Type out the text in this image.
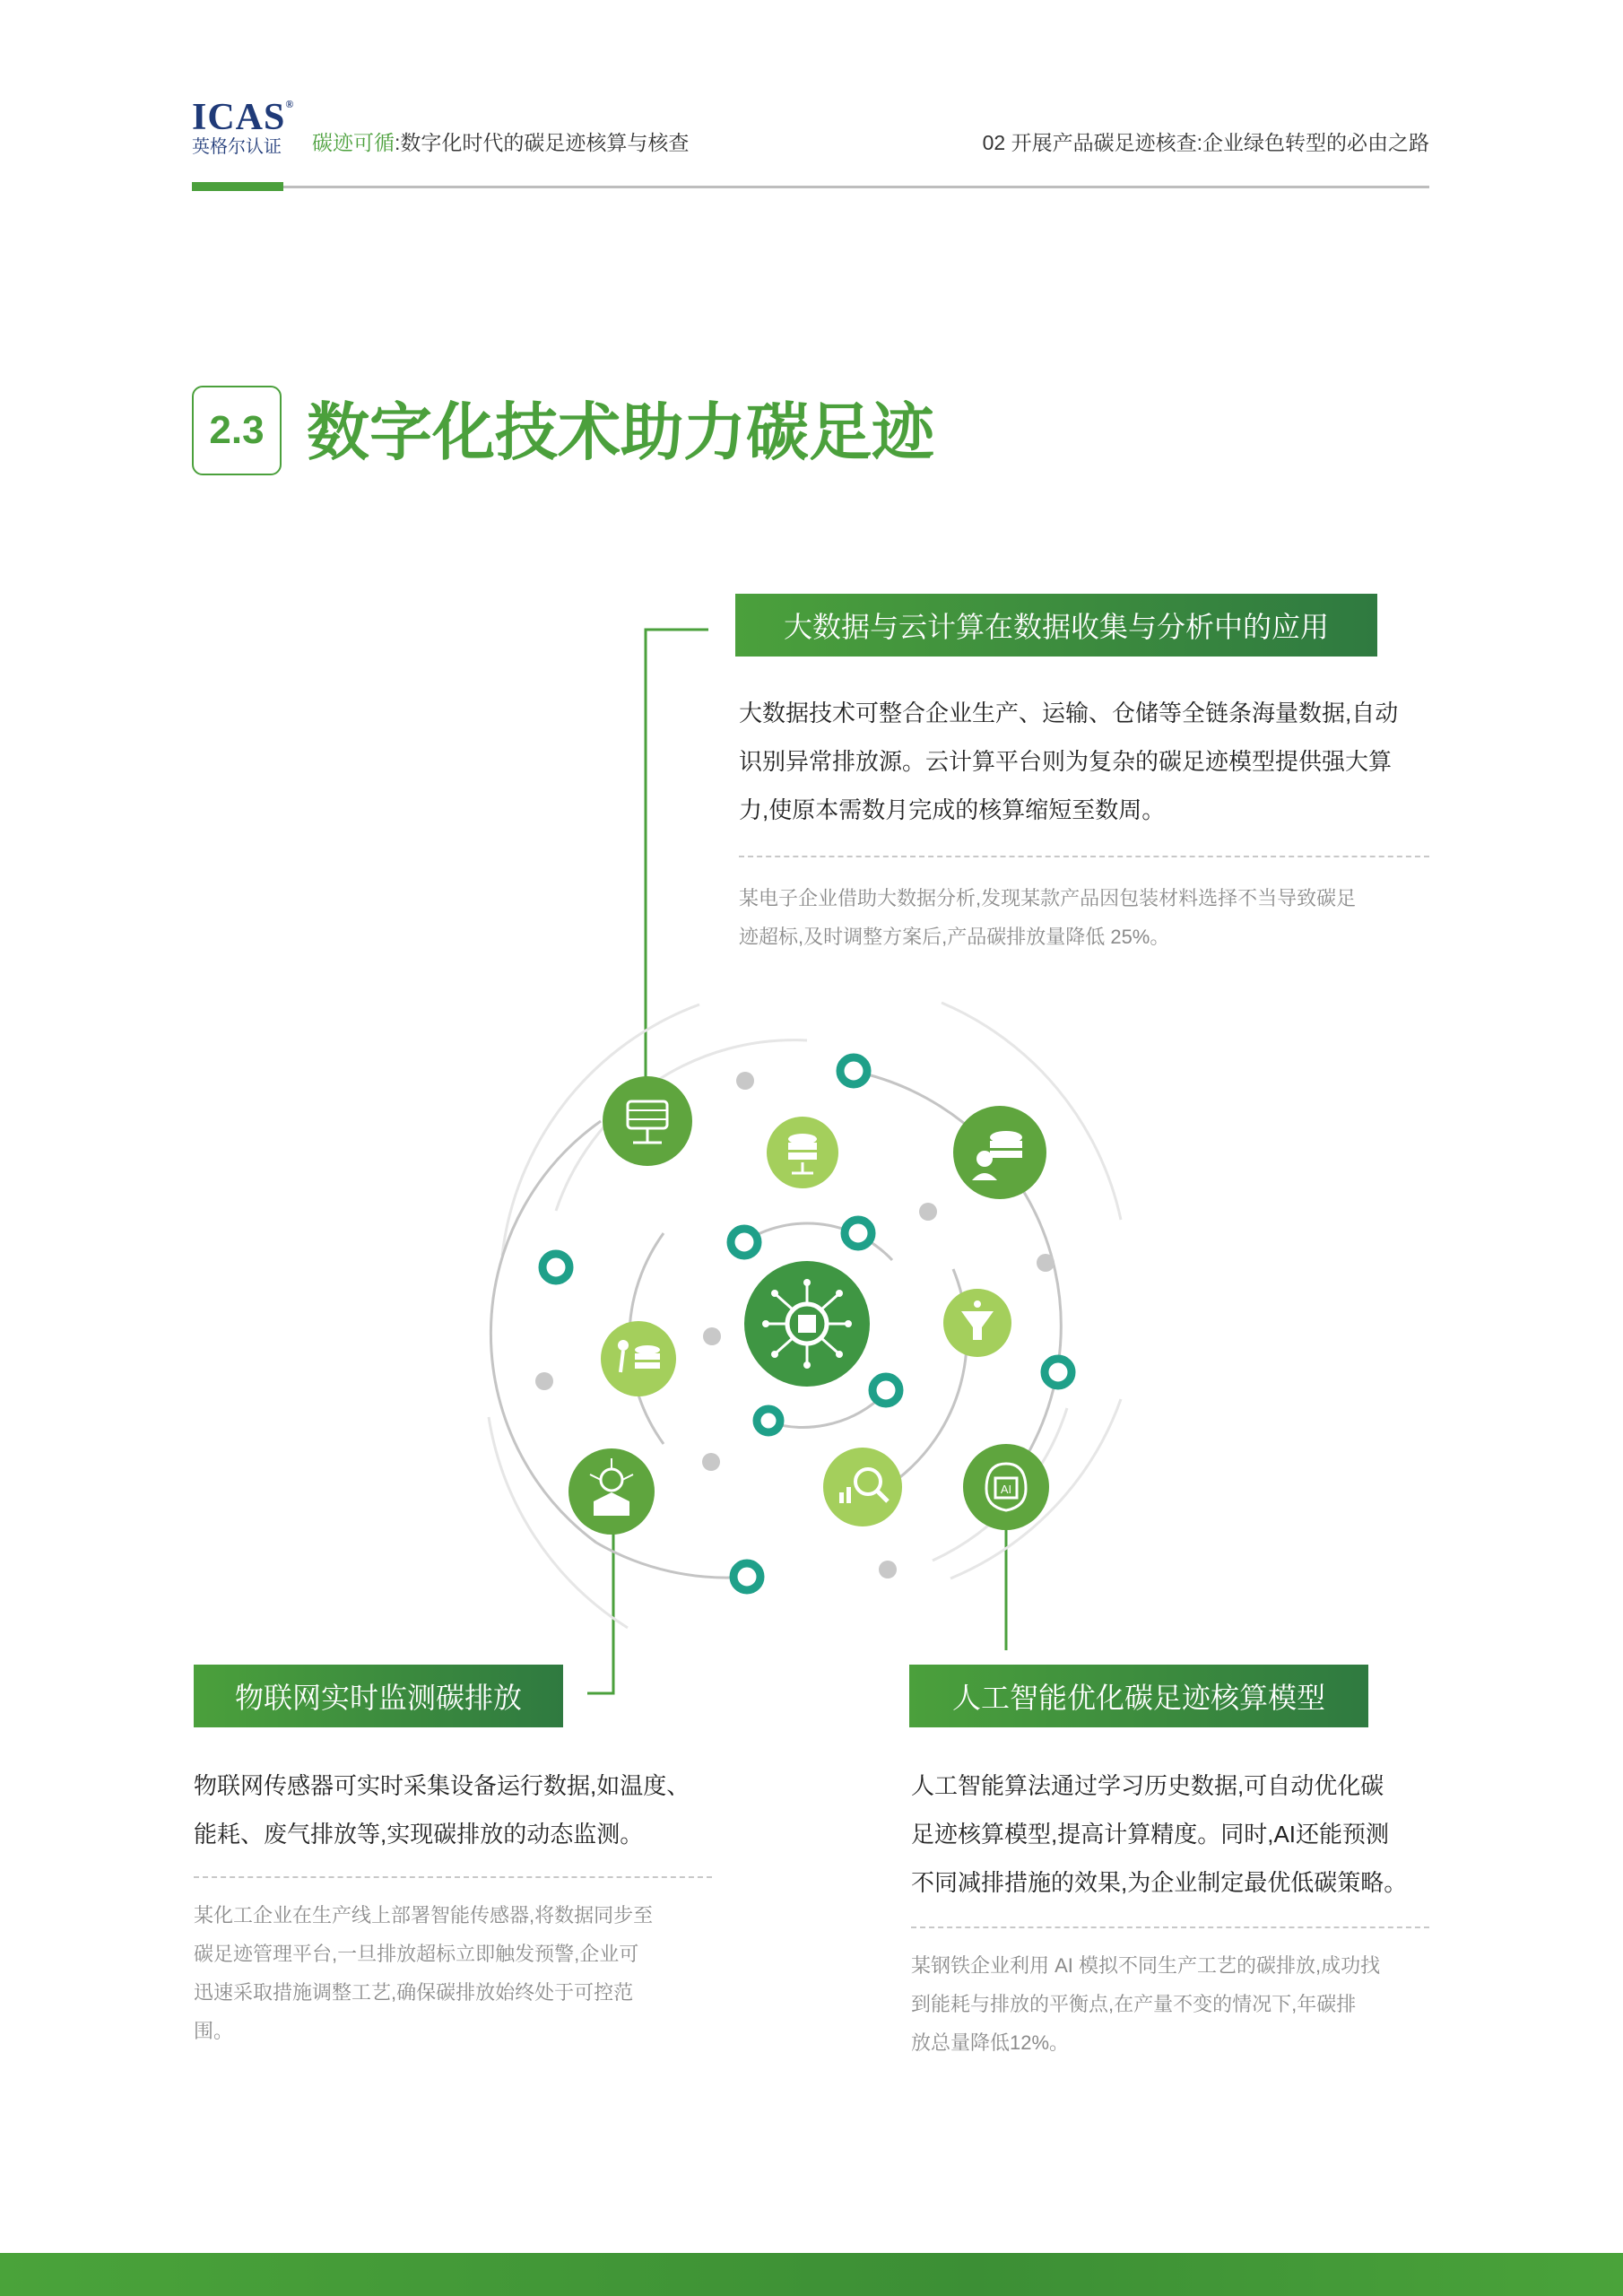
ICAS®
英格尔认证 碳迹可循:数字化时代的碳足迹核算与核查	02 开展产品碳足迹核查:企业绿色转型的必由之路
2.3 数字化技术助力碳足迹
大数据与云计算在数据收集与分析中的应用
大数据技术可整合企业生产、运输、仓储等全链条海量数据,自动
识别异常排放源。云计算平台则为复杂的碳足迹模型提供强大算
力,使原本需数月完成的核算缩短至数周。
某电子企业借助大数据分析,发现某款产品因包装材料选择不当导致碳足
迹超标,及时调整方案后,产品碳排放量降低 25%。
物联网实时监测碳排放
物联网传感器可实时采集设备运行数据,如温度、
能耗、废气排放等,实现碳排放的动态监测。
某化工企业在生产线上部署智能传感器,将数据同步至
碳足迹管理平台,一旦排放超标立即触发预警,企业可
迅速采取措施调整工艺,确保碳排放始终处于可控范
围。
人工智能优化碳足迹核算模型
人工智能算法通过学习历史数据,可自动优化碳
足迹核算模型,提高计算精度。同时,AI还能预测
不同减排措施的效果,为企业制定最优低碳策略。
某钢铁企业利用 AI 模拟不同生产工艺的碳排放,成功找
到能耗与排放的平衡点,在产量不变的情况下,年碳排
放总量降低12%。
AI
